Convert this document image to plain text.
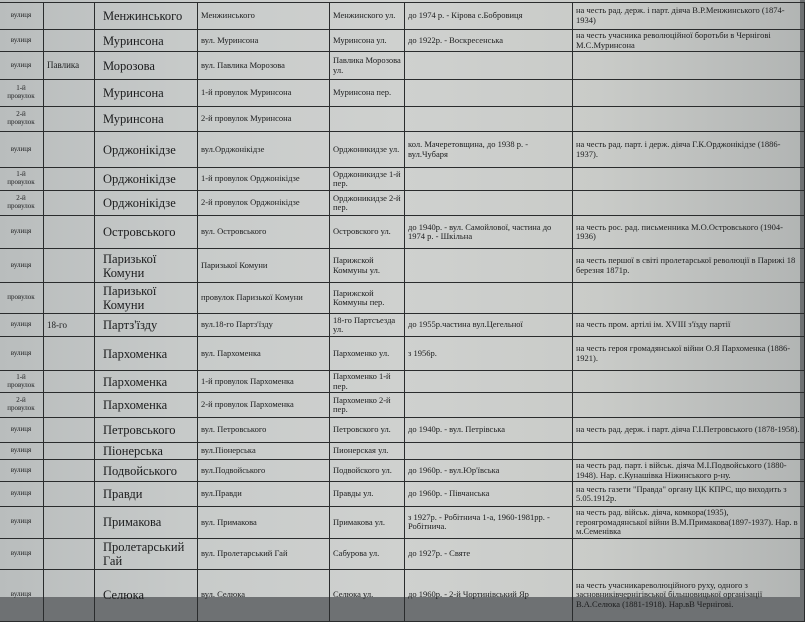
вулиця		Менжинського	Менжинського	Менжинского ул.	до 1974 р. - Кірова с.Бобровиця	на честь рад. держ. і парт. діяча В.Р.Менжинського (1874-1934)
вулиця		Муринсона	вул. Муринсона	Муринсона ул.	до 1922р. - Воскресенська	на честь учасника революційної боротьби в Чернігові М.С.Муринсона
вулиця	Павлика	Морозова	вул. Павлика Морозова	Павлика Морозова ул.		
1-й провулок		Муринсона	1-й провулок Муринсона	Муринсона пер.		
2-й провулок		Муринсона	2-й провулок Муринсона			
вулиця		Орджонікідзе	вул.Орджонікідзе	Орджоникидзе ул.	кол. Мачеретовщина, до 1938 р. - вул.Чубаря	на честь рад. парт. і держ. діяча Г.К.Орджонікідзе (1886-1937).
1-й провулок		Орджонікідзе	1-й провулок Орджонікідзе	Орджоникидзе 1-й пер.		
2-й провулок		Орджонікідзе	2-й провулок Орджонікідзе	Орджоникидзе 2-й пер.		
вулиця		Островського	вул. Островського	Островского ул.	до 1940р. - вул. Самойлової, частина до 1974 р. - Шкільна	на честь рос. рад. письменника М.О.Островського (1904-1936)
вулиця		Паризької Комуни	Паризької Комуни	Парижской Коммуны ул.		на честь першої в світі пролетарської революції в Парижі 18 березня 1871р.
провулок		Паризької Комуни	провулок Паризької Комуни	Парижской Коммуны пер.		
вулиця	18-го	Партз'їзду	вул.18-го Партз'їзду	18-го Партсъезда ул.	до 1955р.частина вул.Цегельної	на честь пром. артілі ім. XVIII з'їзду партії
вулиця		Пархоменка	вул. Пархоменка	Пархоменко ул.	з 1956р.	на честь героя громадянської війни О.Я Пархоменка (1886-1921).
1-й провулок		Пархоменка	1-й провулок Пархоменка	Пархоменко 1-й пер.		
2-й провулок		Пархоменка	2-й провулок Пархоменка	Пархоменко 2-й пер.		
вулиця		Петровського	вул. Петровського	Петровского ул.	до 1940р. - вул. Петрівська	на честь рад. держ. і парт. діяча Г.І.Петровського (1878-1958).
вулиця		Піонерська	вул.Піонерська	Пионерская ул.		
вулиця		Подвойського	вул.Подвойського	Подвойского ул.	до 1960р. - вул.Юр'ївська	на честь рад. парт. і військ. діяча М.І.Подвойського (1880-1948). Нар. с.Кунашівка Ніжинського р-ну.
вулиця		Правди	вул.Правди	Правды ул.	до 1960р. - Півчанська	на честь газети "Правда" органу ЦК КПРС, що виходить з 5.05.1912р.
вулиця		Примакова	вул. Примакова	Примакова ул.	з 1927р. - Робітнича 1-а, 1960-1981рр. - Робітнича.	на честь рад. військ. діяча, комкора(1935), героягромадянської війни В.М.Примакова(1897-1937). Нар. в м.Семенівка
вулиця		Пролетарський Гай	вул. Пролетарський Гай	Сабурова ул.	до 1927р. - Святе	
вулиця		Селюка	вул. Селюка	Селюка ул.	до 1960р. - 2-й Чортинівський Яр	на честь учасникареволюційного руху, одного з засновниківчернігівської більшовицької організації В.А.Селюка (1881-1918). Нар.вВ Чернігові.
